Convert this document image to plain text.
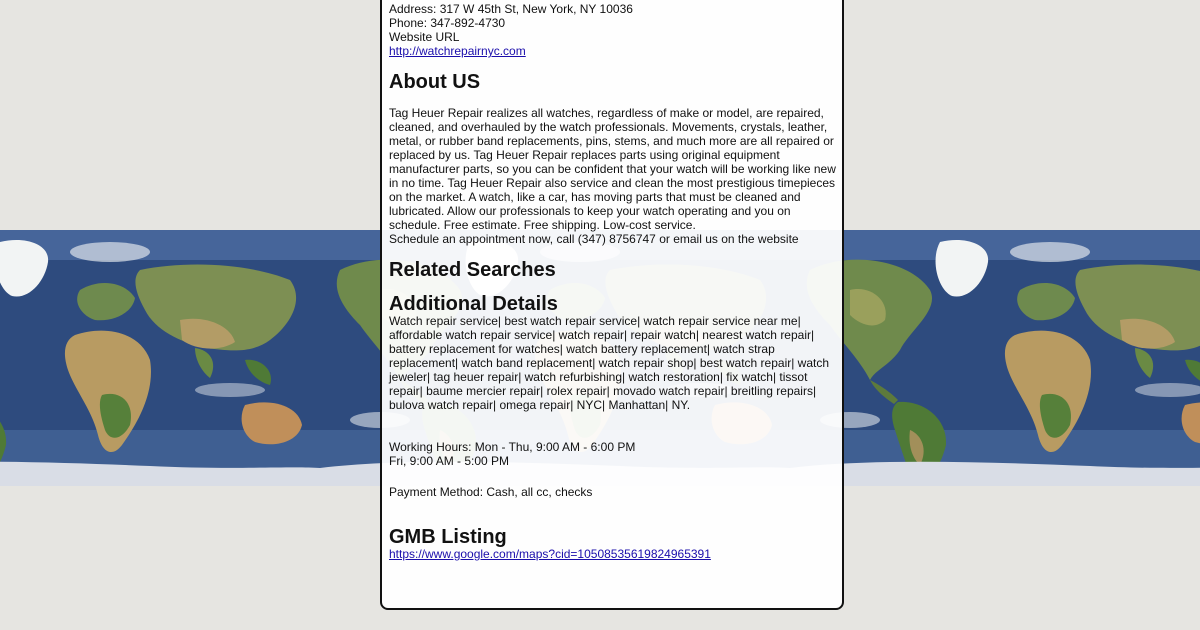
Address: 317 W 45th St, New York, NY 10036
Phone: 347-892-4730
Website URL
http://watchrepairnyc.com
About US

Tag Heuer Repair realizes all watches, regardless of make or model, are repaired, cleaned, and overhauled by the watch professionals. Movements, crystals, leather, metal, or rubber band replacements, pins, stems, and much more are all repaired or replaced by us. Tag Heuer Repair replaces parts using original equipment manufacturer parts, so you can be confident that your watch will be working like new in no time. Tag Heuer Repair also service and clean the most prestigious timepieces on the market. A watch, like a car, has moving parts that must be cleaned and lubricated. Allow our professionals to keep your watch operating and you on schedule. Free estimate. Free shipping. Low-cost service.

Schedule an appointment now, call (347) 8756747 or email us on the website
Related Searches
Additional Details

Watch repair service| best watch repair service| watch repair service near me| affordable watch repair service| watch repair| repair watch| nearest watch repair| battery replacement for watches| watch battery replacement| watch strap replacement| watch band replacement| watch repair shop| best watch repair| watch jeweler| tag heuer repair| watch refurbishing| watch restoration| fix watch| tissot repair| baume mercier repair| rolex repair| movado watch repair| breitling repairs| bulova watch repair| omega repair| NYC| Manhattan| NY.

Working Hours: Mon - Thu, 9:00 AM - 6:00 PM
Fri, 9:00 AM - 5:00 PM
Payment Method: Cash, all cc, checks
GMB Listing
https://www.google.com/maps?cid=10508535619824965391
